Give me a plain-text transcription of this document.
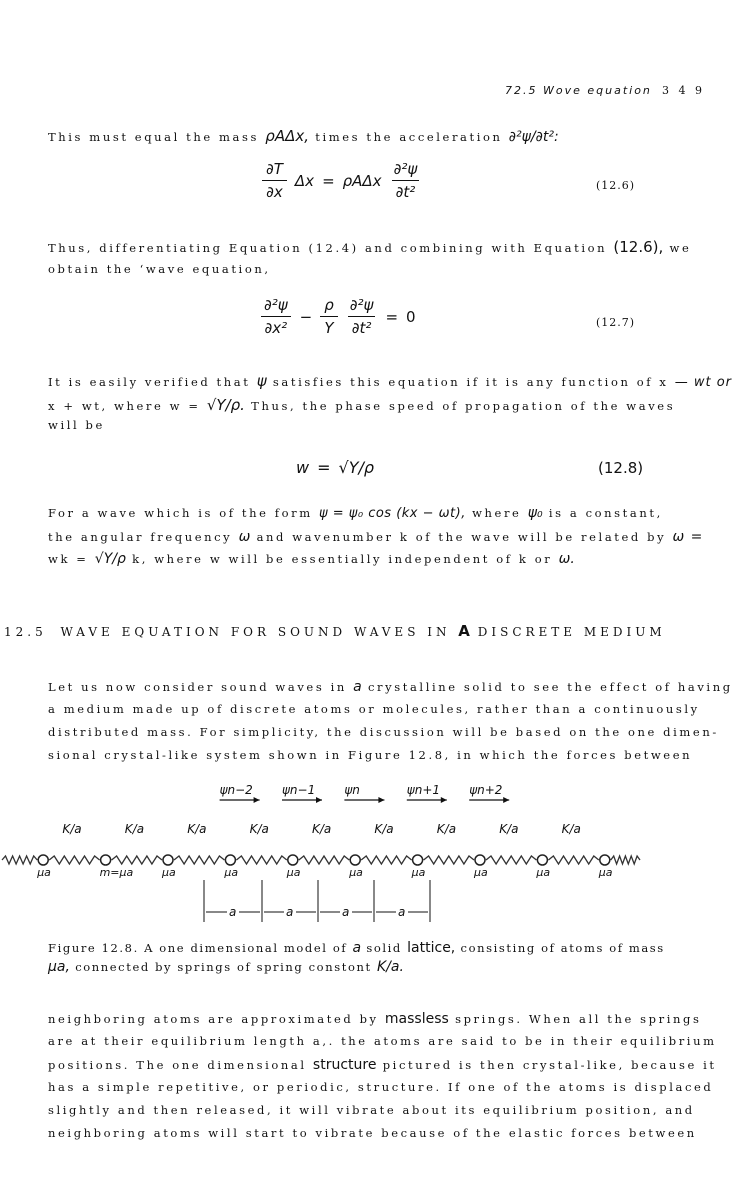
72.5 Wove equation 3 4 9
This must equal the mass ρAΔx, times the acceleration ∂²ψ/∂t²:
$\frac{\partial T}{\partial x}$ Δx = ρAΔx $\frac{\text{∂²ψ}}{\text{∂t²}}$	(12.6)
Thus, differentiating Equation (12.4) and combining with Equation (12.6), we
obtain the ‘wave equation,
$\frac{\text{∂²ψ}}{\text{∂x²}} - \frac{\rho}{Y} \frac{\text{∂²ψ}}{\text{∂t²}} = 0$	(12.7)
It is easily verified that ψ satisfies this equation if it is any function of x — wt or
x + wt, where w = √Y/ρ. Thus, the phase speed of propagation of the waves
will be
w = √Y/ρ	(12.8)
For a wave which is of the form ψ = ψ₀ cos (kx − ωt), where ψ₀ is a constant,
the angular frequency ω and wavenumber k of the wave will be related by ω =
wk = √Y/ρ k, where w will be essentially independent of k or ω.
12.5 WAVE EQUATION FOR SOUND WAVES IN A DISCRETE MEDIUM
Let us now consider sound waves in a crystalline solid to see the effect of having
a medium made up of discrete atoms or molecules, rather than a continuously
distributed mass. For simplicity, the discussion will be based on the one dimen-
sional crystal-like system shown in Figure 12.8, in which the forces between
ψn−2 ψn−1 ψn	ψn+1 ψn+2
K/a	K/a	K/a	K/a	K/a	K/a	K/a	K/a	K/a
μa	m=μa	μa	μa	μa	μa	μa	μa	μa	μa
a	a	a	a
Figure 12.8. A one dimensional model of a solid lattice, consisting of atoms of mass
μa, connected by springs of spring constont K/a.
neighboring atoms are approximated by massless springs. When all the springs
are at their equilibrium length a,. the atoms are said to be in their equilibrium
positions. The one dimensional structure pictured is then crystal-like, because it
has a simple repetitive, or periodic, structure. If one of the atoms is displaced
slightly and then released, it will vibrate about its equilibrium position, and
neighboring atoms will start to vibrate because of the elastic forces between
